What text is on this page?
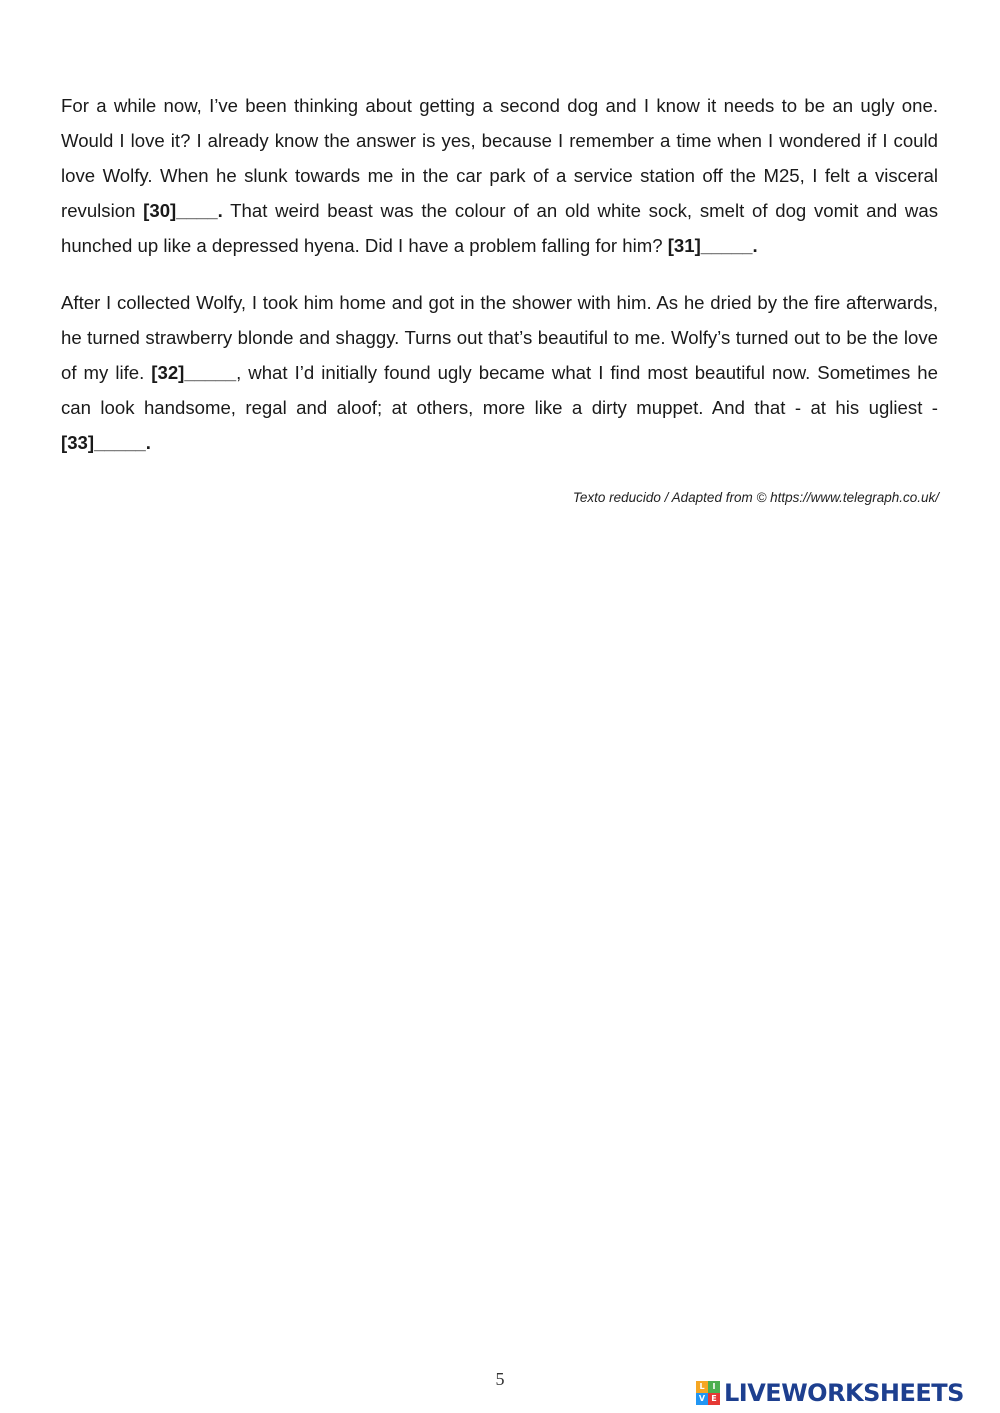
For a while now, I’ve been thinking about getting a second dog and I know it needs to be an ugly one. Would I love it? I already know the answer is yes, because I remember a time when I wondered if I could love Wolfy. When he slunk towards me in the car park of a service station off the M25, I felt a visceral revulsion [30]____. That weird beast was the colour of an old white sock, smelt of dog vomit and was hunched up like a depressed hyena. Did I have a problem falling for him? [31]_____.

After I collected Wolfy, I took him home and got in the shower with him. As he dried by the fire afterwards, he turned strawberry blonde and shaggy. Turns out that’s beautiful to me. Wolfy’s turned out to be the love of my life. [32]_____, what I’d initially found ugly became what I find most beautiful now. Sometimes he can look handsome, regal and aloof; at others, more like a dirty muppet. And that - at his ugliest - [33]_____.

Texto reducido / Adapted from © https://www.telegraph.co.uk/
5	L I
V E LIVEWORKSHEETS
